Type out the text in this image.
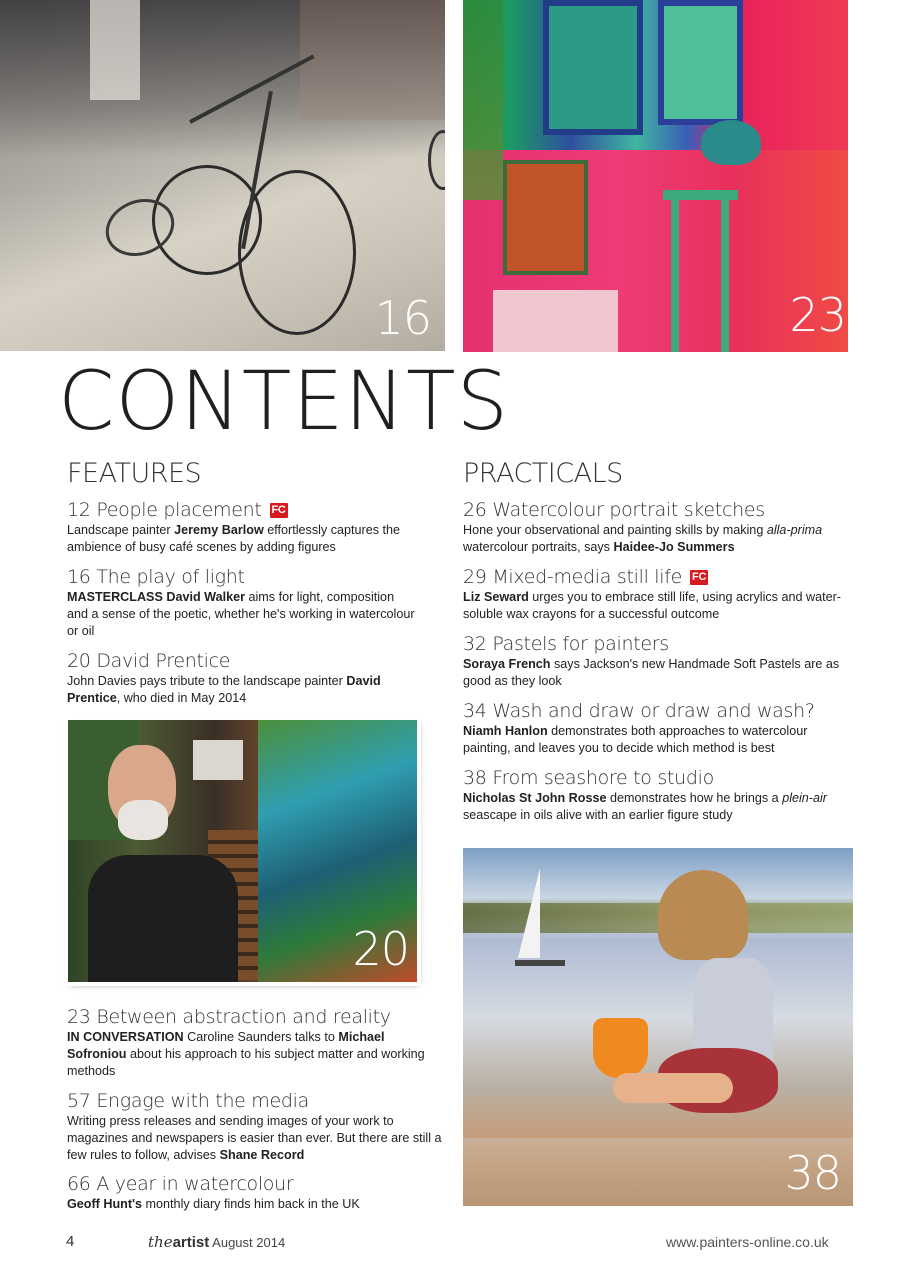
16	23
CONTENTS
FEATURES
12 People placement FC

Landscape painter Jeremy Barlow effortlessly captures the ambience of busy café scenes by adding figures

16 The play of light

MASTERCLASS David Walker aims for light, composition and a sense of the poetic, whether he's working in watercolour or oil

20 David Prentice

John Davies pays tribute to the landscape painter David Prentice, who died in May 2014

20
23 Between abstraction and reality

IN CONVERSATION Caroline Saunders talks to Michael Sofroniou about his approach to his subject matter and working methods

57 Engage with the media

Writing press releases and sending images of your work to magazines and newspapers is easier than ever. But there are still a few rules to follow, advises Shane Record

66 A year in watercolour

Geoff Hunt's monthly diary finds him back in the UK

PRACTICALS
26 Watercolour portrait sketches

Hone your observational and painting skills by making alla-prima watercolour portraits, says Haidee-Jo Summers

29 Mixed-media still life FC

Liz Seward urges you to embrace still life, using acrylics and water-soluble wax crayons for a successful outcome

32 Pastels for painters

Soraya French says Jackson's new Handmade Soft Pastels are as good as they look

34 Wash and draw or draw and wash?

Niamh Hanlon demonstrates both approaches to watercolour painting, and leaves you to decide which method is best

38 From seashore to studio

Nicholas St John Rosse demonstrates how he brings a plein-air seascape in oils alive with an earlier figure study

38
4	theartist August 2014	www.painters-online.co.uk
